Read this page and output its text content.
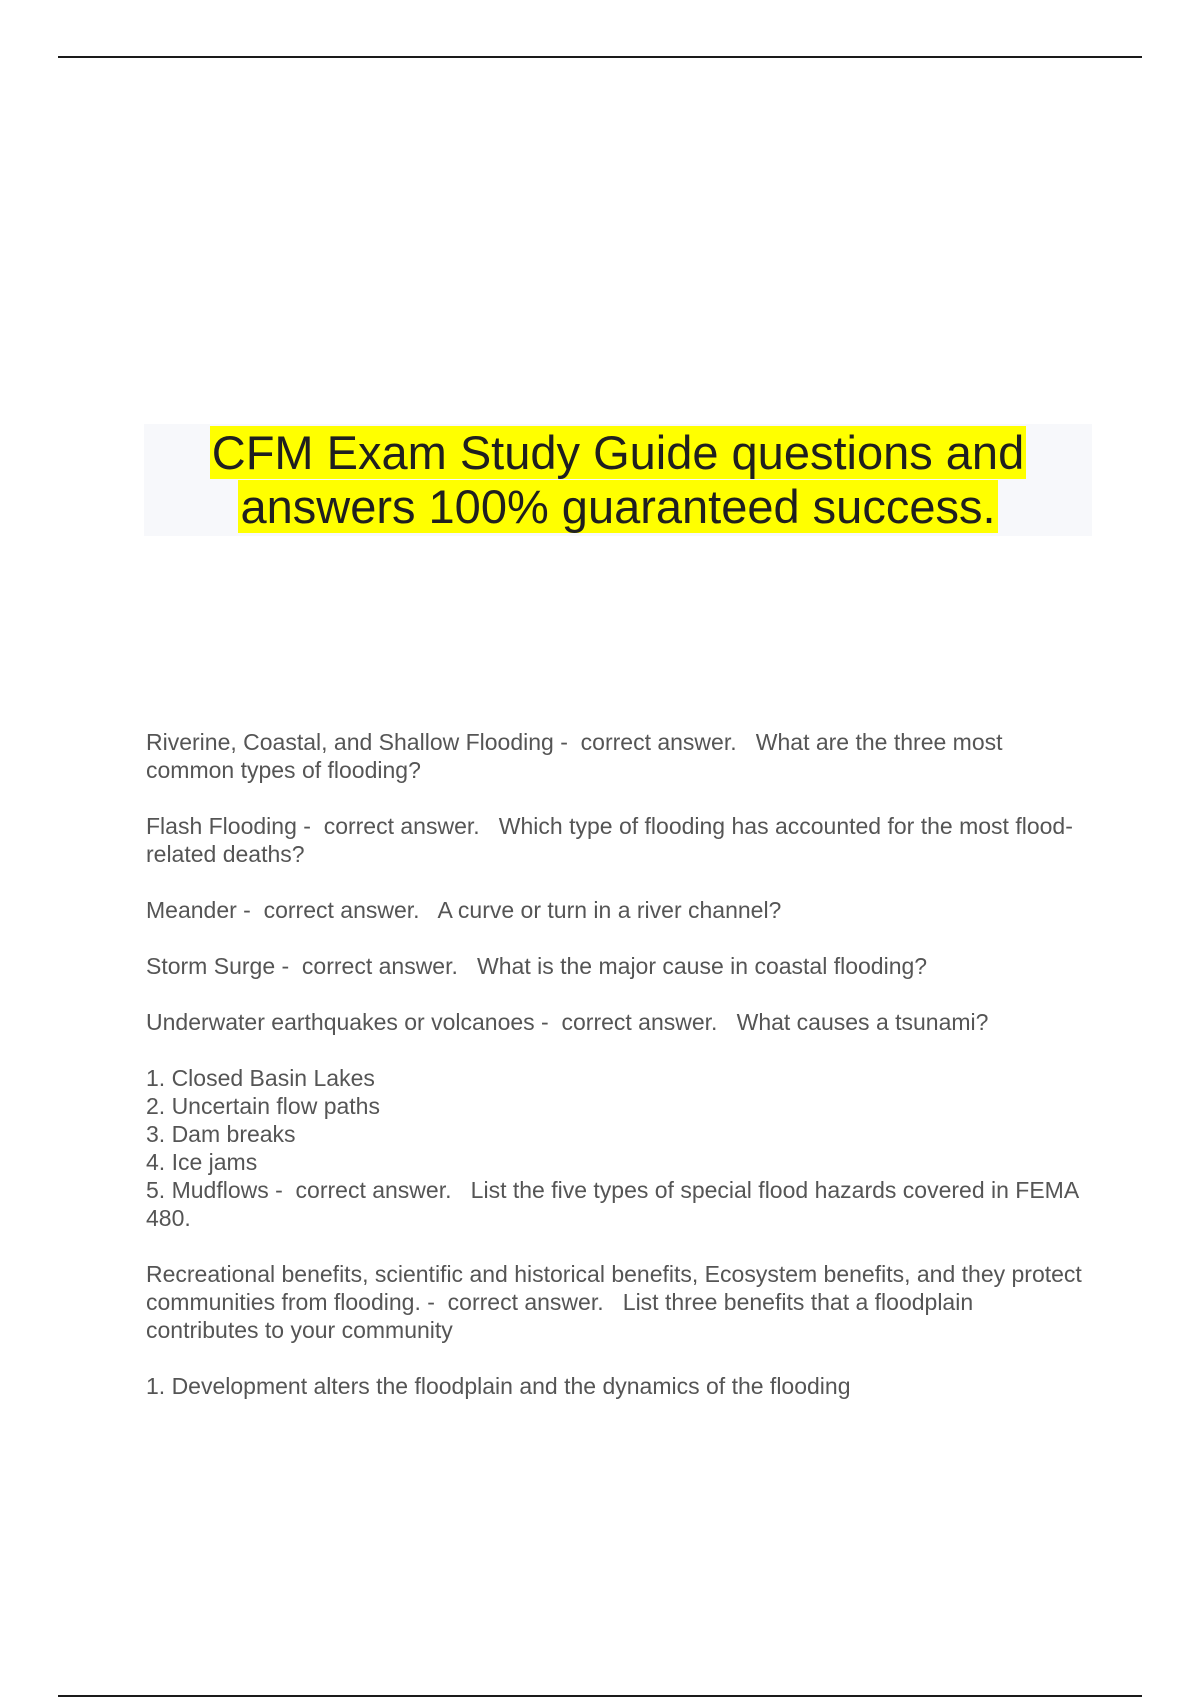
CFM Exam Study Guide questions and answers 100% guaranteed success.

Riverine, Coastal, and Shallow Flooding -  correct answer.   What are the three most common types of flooding?

Flash Flooding -  correct answer.   Which type of flooding has accounted for the most flood-related deaths?

Meander -  correct answer.   A curve or turn in a river channel?

Storm Surge -  correct answer.   What is the major cause in coastal flooding?

Underwater earthquakes or volcanoes -  correct answer.   What causes a tsunami?

1. Closed Basin Lakes
2. Uncertain flow paths
3. Dam breaks
4. Ice jams
5. Mudflows -  correct answer.   List the five types of special flood hazards covered in FEMA 480.

Recreational benefits, scientific and historical benefits, Ecosystem benefits, and they protect communities from flooding. -  correct answer.   List three benefits that a floodplain contributes to your community

1. Development alters the floodplain and the dynamics of the flooding
